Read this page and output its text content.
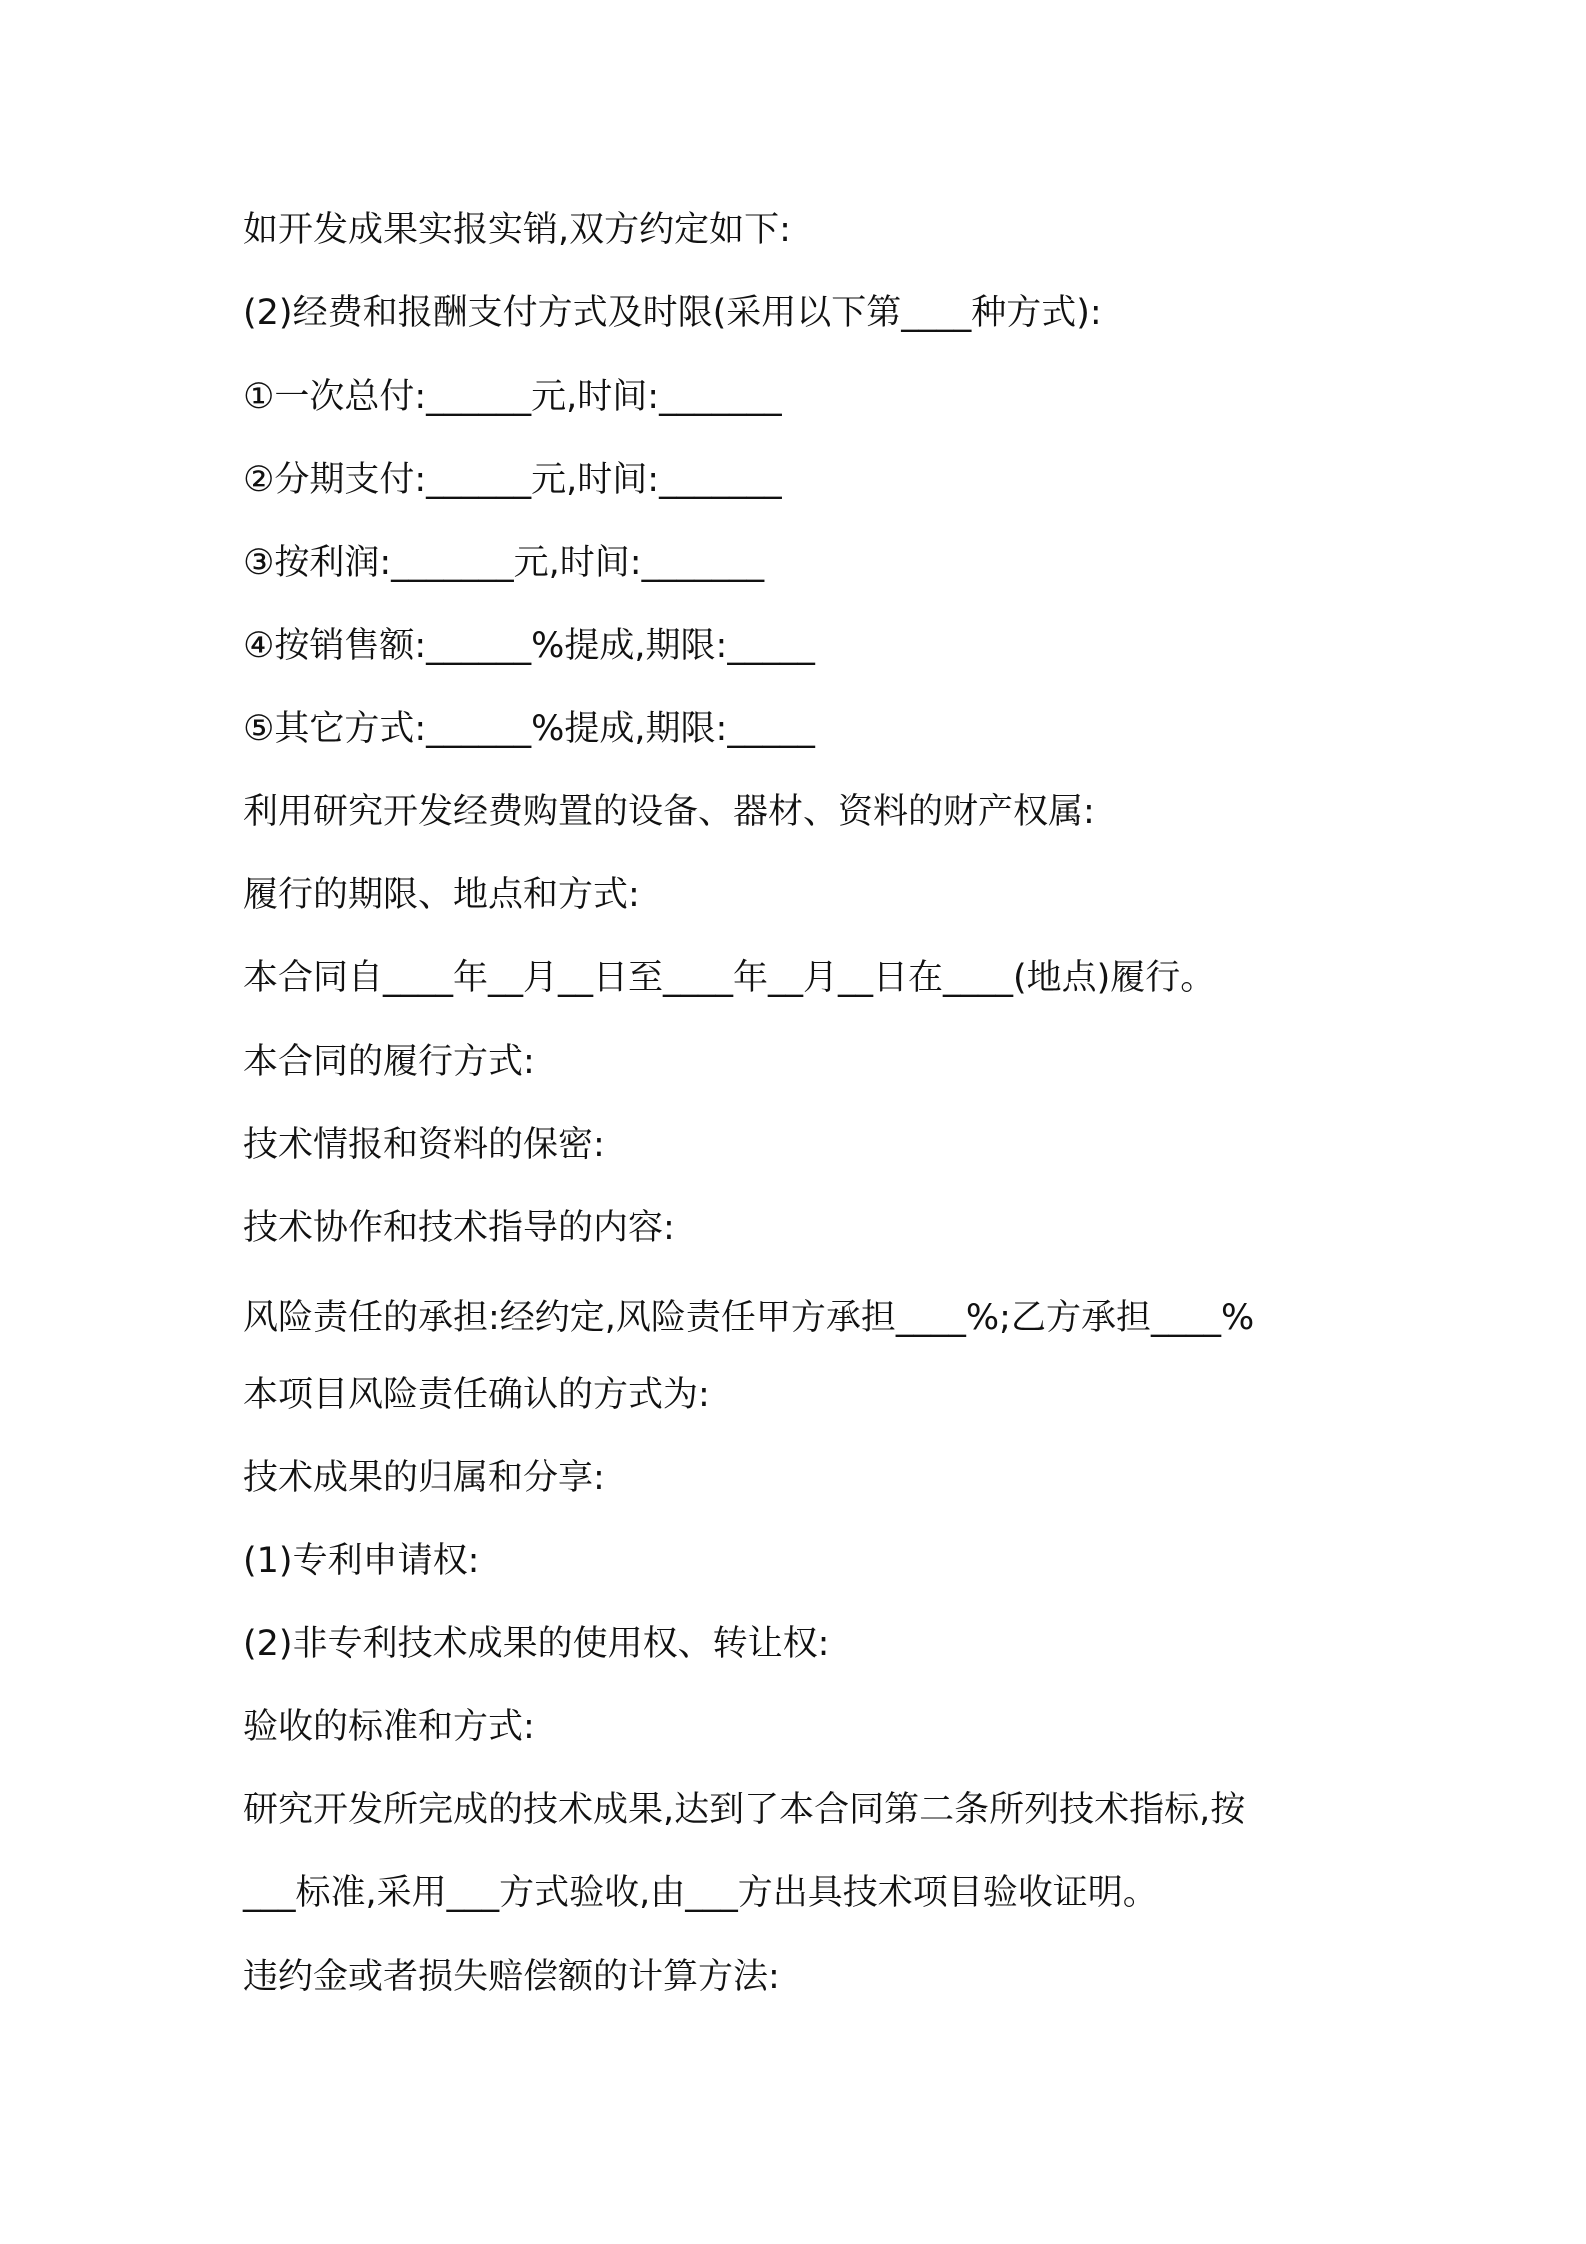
如开发成果实报实销,双方约定如下:

(2)经费和报酬支付方式及时限(采用以下第____种方式):

①一次总付:______元,时间:_______

②分期支付:______元,时间:_______

③按利润:_______元,时间:_______

④按销售额:______%提成,期限:_____

⑤其它方式:______%提成,期限:_____

利用研究开发经费购置的设备、器材、资料的财产权属:

履行的期限、地点和方式:

本合同自____年__月__日至____年__月__日在____(地点)履行。

本合同的履行方式:

技术情报和资料的保密:

技术协作和技术指导的内容:

风险责任的承担:经约定,风险责任甲方承担____%;乙方承担____%

本项目风险责任确认的方式为:

技术成果的归属和分享:

(1)专利申请权:

(2)非专利技术成果的使用权、转让权:

验收的标准和方式:

研究开发所完成的技术成果,达到了本合同第二条所列技术指标,按

___标准,采用___方式验收,由___方出具技术项目验收证明。

违约金或者损失赔偿额的计算方法:
